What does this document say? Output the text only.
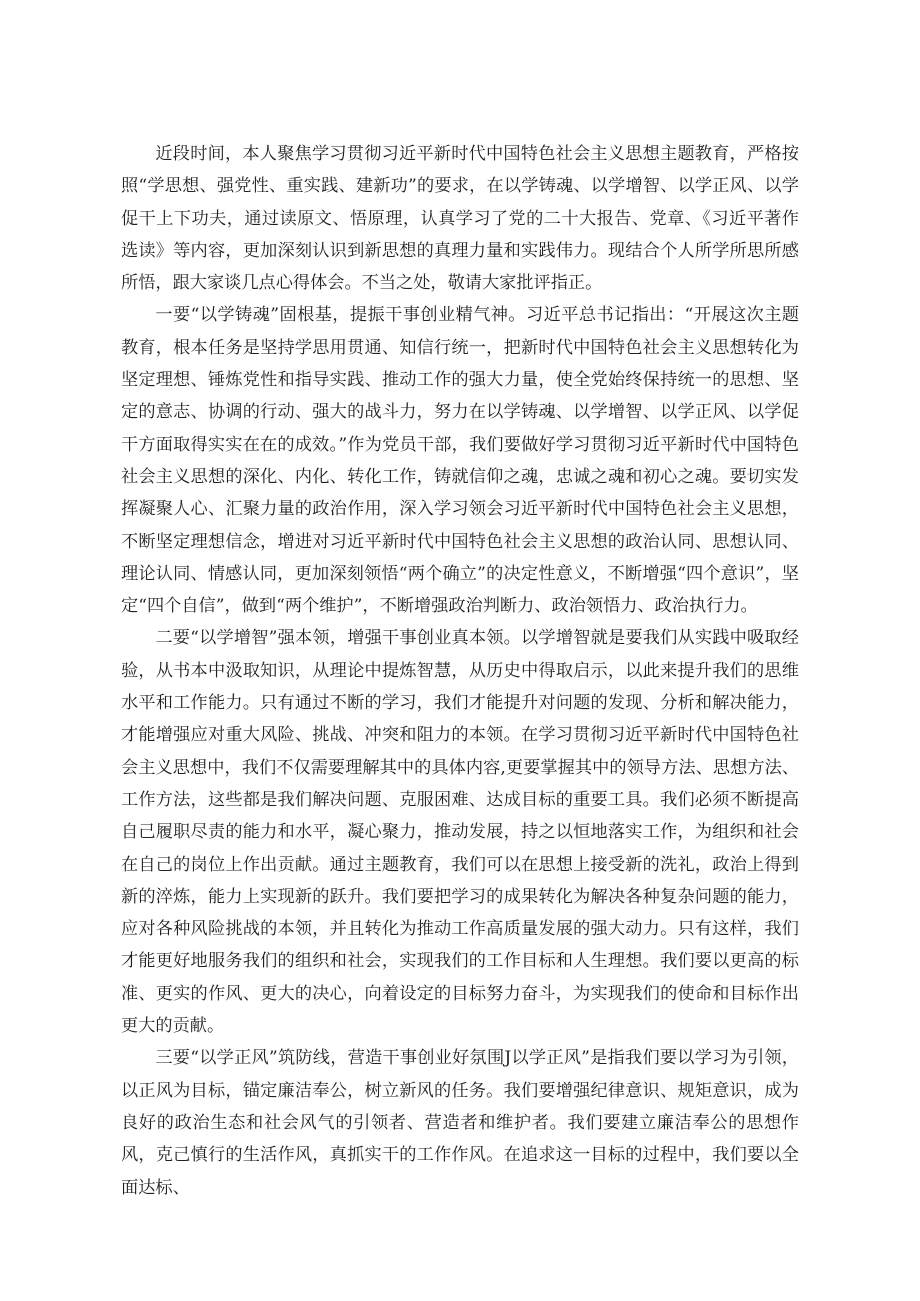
近段时间，本人聚焦学习贯彻习近平新时代中国特色社会主义思想主题教育，严格按照“学思想、强党性、重实践、建新功”的要求，在以学铸魂、以学增智、以学正风、以学促干上下功夫，通过读原文、悟原理，认真学习了党的二十大报告、党章、《习近平著作选读》等内容，更加深刻认识到新思想的真理力量和实践伟力。现结合个人所学所思所感所悟，跟大家谈几点心得体会。不当之处，敬请大家批评指正。

一要“以学铸魂”固根基，提振干事创业精气神。习近平总书记指出：“开展这次主题教育，根本任务是坚持学思用贯通、知信行统一，把新时代中国特色社会主义思想转化为坚定理想、锤炼党性和指导实践、推动工作的强大力量，使全党始终保持统一的思想、坚定的意志、协调的行动、强大的战斗力，努力在以学铸魂、以学增智、以学正风、以学促干方面取得实实在在的成效。”作为党员干部，我们要做好学习贯彻习近平新时代中国特色社会主义思想的深化、内化、转化工作，铸就信仰之魂，忠诚之魂和初心之魂。要切实发挥凝聚人心、汇聚力量的政治作用，深入学习领会习近平新时代中国特色社会主义思想，不断坚定理想信念，增进对习近平新时代中国特色社会主义思想的政治认同、思想认同、理论认同、情感认同，更加深刻领悟“两个确立”的决定性意义，不断增强“四个意识”，坚定“四个自信”，做到“两个维护”，不断增强政治判断力、政治领悟力、政治执行力。

二要“以学增智”强本领，增强干事创业真本领。以学增智就是要我们从实践中吸取经验，从书本中汲取知识，从理论中提炼智慧，从历史中得取启示，以此来提升我们的思维水平和工作能力。只有通过不断的学习，我们才能提升对问题的发现、分析和解决能力，才能增强应对重大风险、挑战、冲突和阻力的本领。在学习贯彻习近平新时代中国特色社会主义思想中，我们不仅需要理解其中的具体内容,更要掌握其中的领导方法、思想方法、工作方法，这些都是我们解决问题、克服困难、达成目标的重要工具。我们必须不断提高自己履职尽责的能力和水平，凝心聚力，推动发展，持之以恒地落实工作，为组织和社会在自己的岗位上作出贡献。通过主题教育，我们可以在思想上接受新的洗礼，政治上得到新的淬炼，能力上实现新的跃升。我们要把学习的成果转化为解决各种复杂问题的能力，应对各种风险挑战的本领，并且转化为推动工作高质量发展的强大动力。只有这样，我们才能更好地服务我们的组织和社会，实现我们的工作目标和人生理想。我们要以更高的标准、更实的作风、更大的决心，向着设定的目标努力奋斗，为实现我们的使命和目标作出更大的贡献。

三要“以学正风”筑防线，营造干事创业好氛围J以学正风”是指我们要以学习为引领，以正风为目标，锚定廉洁奉公，树立新风的任务。我们要增强纪律意识、规矩意识，成为良好的政治生态和社会风气的引领者、营造者和维护者。我们要建立廉洁奉公的思想作风，克己慎行的生活作风，真抓实干的工作作风。在追求这一目标的过程中，我们要以全面达标、
